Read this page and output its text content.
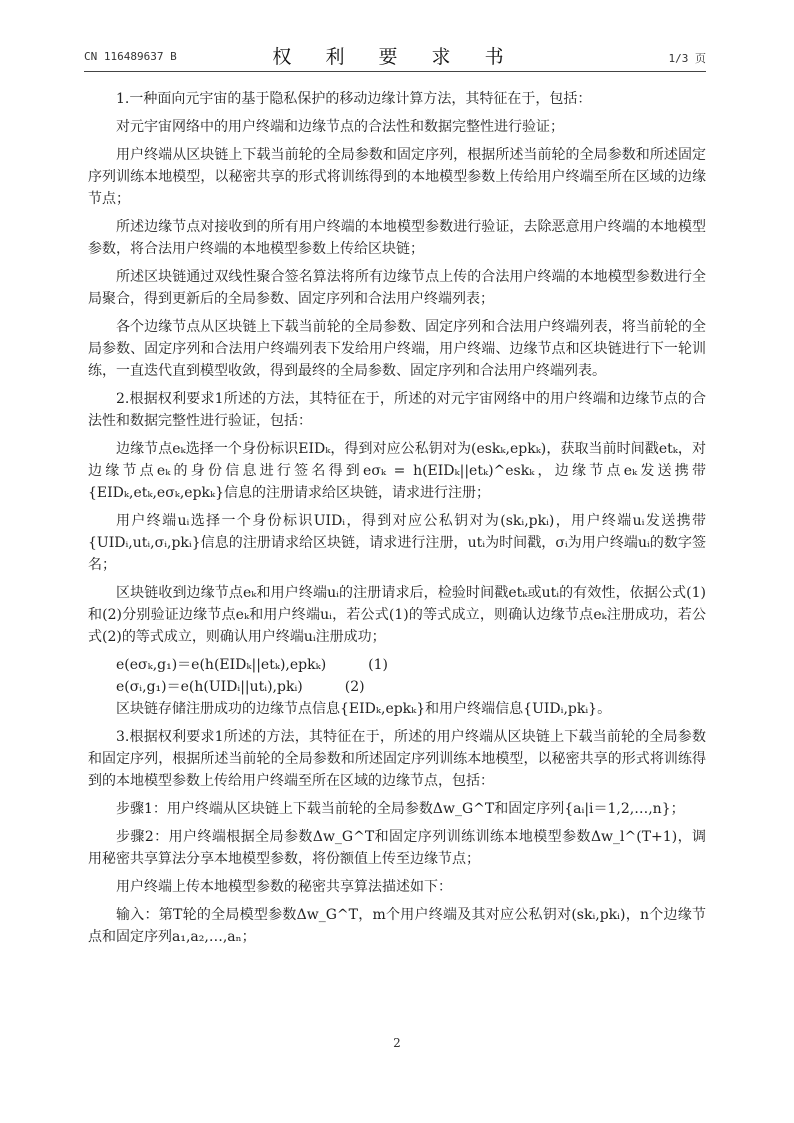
CN 116489637 B	权 利 要 求 书	1/3 页

1.一种面向元宇宙的基于隐私保护的移动边缘计算方法，其特征在于，包括：

对元宇宙网络中的用户终端和边缘节点的合法性和数据完整性进行验证；

用户终端从区块链上下载当前轮的全局参数和固定序列，根据所述当前轮的全局参数和所述固定序列训练本地模型，以秘密共享的形式将训练得到的本地模型参数上传给用户终端至所在区域的边缘节点；

所述边缘节点对接收到的所有用户终端的本地模型参数进行验证，去除恶意用户终端的本地模型参数，将合法用户终端的本地模型参数上传给区块链；

所述区块链通过双线性聚合签名算法将所有边缘节点上传的合法用户终端的本地模型参数进行全局聚合，得到更新后的全局参数、固定序列和合法用户终端列表；

各个边缘节点从区块链上下载当前轮的全局参数、固定序列和合法用户终端列表，将当前轮的全局参数、固定序列和合法用户终端列表下发给用户终端，用户终端、边缘节点和区块链进行下一轮训练，一直迭代直到模型收敛，得到最终的全局参数、固定序列和合法用户终端列表。

2.根据权利要求1所述的方法，其特征在于，所述的对元宇宙网络中的用户终端和边缘节点的合法性和数据完整性进行验证，包括：

边缘节点eₖ选择一个身份标识EIDₖ，得到对应公私钥对为(eskₖ,epkₖ)，获取当前时间戳etₖ，对边缘节点eₖ的身份信息进行签名得到eσₖ = h(EIDₖ||etₖ)^eskₖ，边缘节点eₖ发送携带{EIDₖ,etₖ,eσₖ,epkₖ}信息的注册请求给区块链，请求进行注册；

用户终端uᵢ选择一个身份标识UIDᵢ，得到对应公私钥对为(skᵢ,pkᵢ)，用户终端uᵢ发送携带{UIDᵢ,utᵢ,σᵢ,pkᵢ}信息的注册请求给区块链，请求进行注册，utᵢ为时间戳，σᵢ为用户终端uᵢ的数字签名；

区块链收到边缘节点eₖ和用户终端uᵢ的注册请求后，检验时间戳etₖ或utᵢ的有效性，依据公式(1)和(2)分别验证边缘节点eₖ和用户终端uᵢ，若公式(1)的等式成立，则确认边缘节点eₖ注册成功，若公式(2)的等式成立，则确认用户终端uᵢ注册成功；

e(eσₖ,g₁)＝e(h(EIDₖ||etₖ),epkₖ)　　　(1)
e(σᵢ,g₁)＝e(h(UIDᵢ||utᵢ),pkᵢ)　　　(2)
区块链存储注册成功的边缘节点信息{EIDₖ,epkₖ}和用户终端信息{UIDᵢ,pkᵢ}。

3.根据权利要求1所述的方法，其特征在于，所述的用户终端从区块链上下载当前轮的全局参数和固定序列，根据所述当前轮的全局参数和所述固定序列训练本地模型，以秘密共享的形式将训练得到的本地模型参数上传给用户终端至所在区域的边缘节点，包括：

步骤1：用户终端从区块链上下载当前轮的全局参数Δw_G^T和固定序列{aᵢ|i＝1,2,…,n}；

步骤2：用户终端根据全局参数Δw_G^T和固定序列训练训练本地模型参数Δw_l^(T+1)，调用秘密共享算法分享本地模型参数，将份额值上传至边缘节点；

用户终端上传本地模型参数的秘密共享算法描述如下：

输入：第T轮的全局模型参数Δw_G^T，m个用户终端及其对应公私钥对(skᵢ,pkᵢ)，n个边缘节点和固定序列a₁,a₂,…,aₙ；

2
